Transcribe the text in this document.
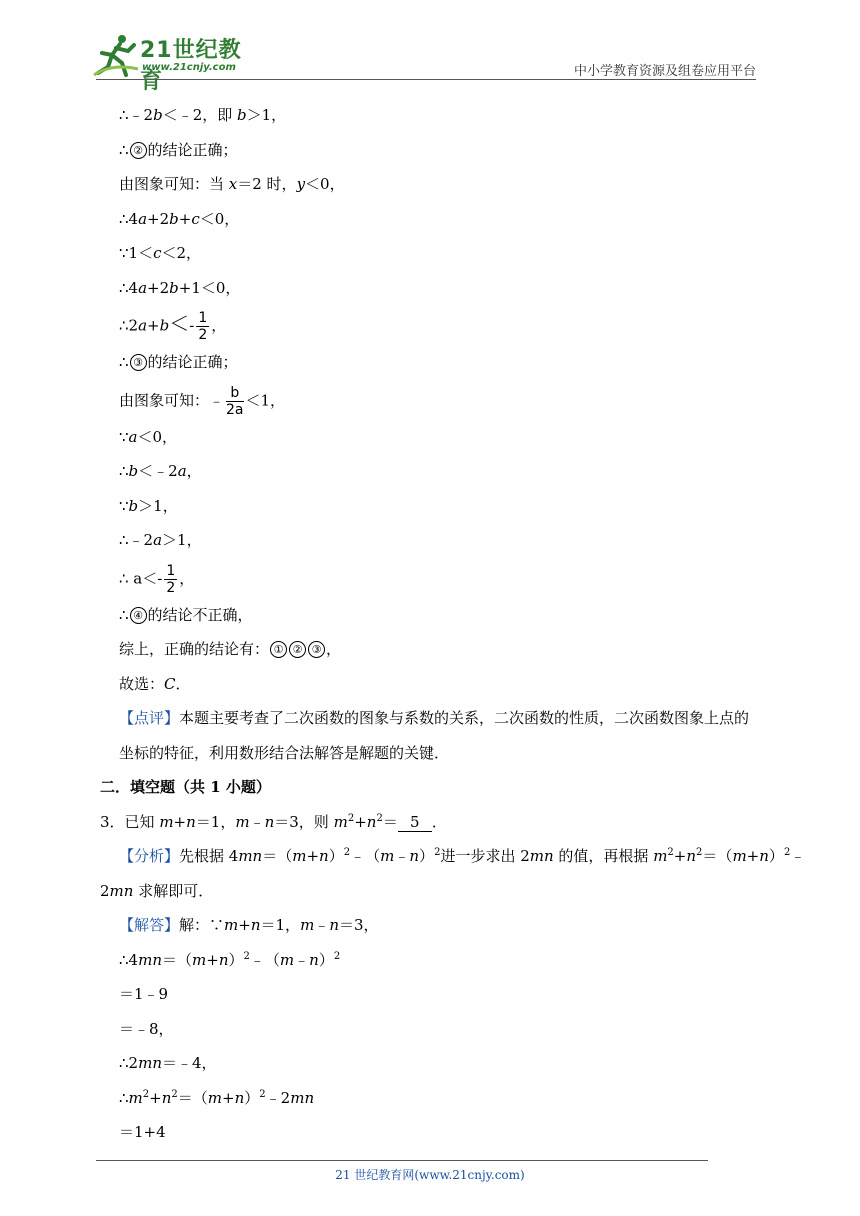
21世纪教育
www.21cnjy.com	中小学教育资源及组卷应用平台
∴﹣2b＜﹣2，即 b＞1，
∴ ② 的结论正确；
由图象可知：当 x＝2 时，y＜0，
∴4a+2b+c＜0，
∵1＜c＜2，
∴4a+2b+1＜0，
∴2a+b＜- $\frac{1}{2}$ ，
∴ ③ 的结论正确；
由图象可知：﹣ $\frac{b}{2a} <1$，
∵a＜0，
∴b＜﹣2a，
∵b＞1，
∴﹣2a＞1，
∴ $a<- \frac{1}{2}$ ，
∴ ④ 的结论不正确，
综上，正确的结论有： ① ② ③ ，
故选：C．
【点评】本题主要考查了二次函数的图象与系数的关系，二次函数的性质，二次函数图象上点的
坐标的特征，利用数形结合法解答是解题的关键．
二．填空题（共 1 小题）
3．已知 m+n＝1，m﹣n＝3，则 $m^2+n^2= 5$ ．
【分析】先根据 $4mn=(m+n)^2﹣(m﹣n)^2$进一步求出 2mn 的值，再根据 $m^2+n^2=(m+n)^2﹣$
2mn 求解即可．
【解答】解：∵m+n＝1，m﹣n＝3，
$\therefore 4mn=(m+n)^2﹣(m﹣n)^2$
＝1﹣9
＝﹣8，
∴2mn＝﹣4，
$\therefore m^2+n^2=(m+n)^2﹣2mn$
＝1+4
21 世纪教育网(www.21cnjy.com)
